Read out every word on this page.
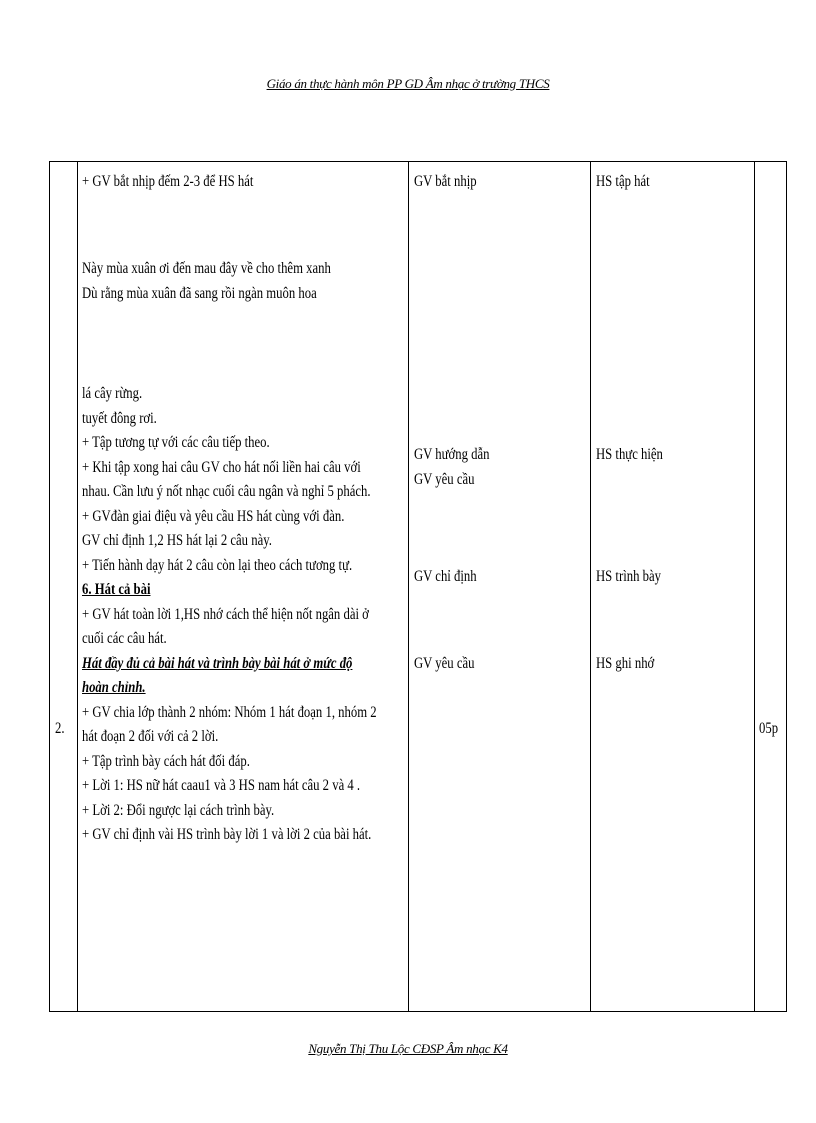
Giáo án thực hành môn PP GD Âm nhạc ở trường THCS
2.
+ GV bắt nhịp đếm 2-3 để HS hát
Này mùa xuân ơi đến mau đây về cho thêm xanh
Dù rằng mùa xuân đã sang rồi ngàn muôn hoa
lá cây rừng.
tuyết đông rơi.
+ Tập tương tự với các câu tiếp theo.
+ Khi tập xong hai câu GV cho hát nối liền hai câu với
nhau. Cần lưu ý nốt nhạc cuối câu ngân và nghỉ 5 phách.
+ GVđàn giai điệu và yêu cầu HS hát cùng với đàn.
GV chỉ định 1,2 HS hát lại 2 câu này.
+ Tiến hành dạy hát 2 câu còn lại theo cách tương tự.
6. Hát cả bài
+ GV hát toàn lời 1,HS nhớ cách thể hiện nốt ngân dài ở
cuối các câu hát.
Hát đầy đủ cả bài hát và trình bày bài hát ở mức độ
hoàn chỉnh.
+ GV chia lớp thành 2 nhóm: Nhóm 1 hát đoạn 1, nhóm 2
hát đoạn 2 đối với cả 2 lời.
+ Tập trình bày cách hát đối đáp.
+ Lời 1: HS nữ hát caau1 và 3 HS nam hát câu 2 và 4 .
+ Lời 2: Đổi ngược lại cách trình bày.
+ GV chỉ định vài HS trình bày lời 1 và lời 2 của bài hát.
GV bắt nhịp
GV hướng dẫn
GV yêu cầu
GV chỉ định
GV yêu cầu
HS tập hát
HS thực hiện
HS trình bày
HS ghi nhớ
05p
Nguyễn Thị Thu Lộc CĐSP Âm nhạc K4
